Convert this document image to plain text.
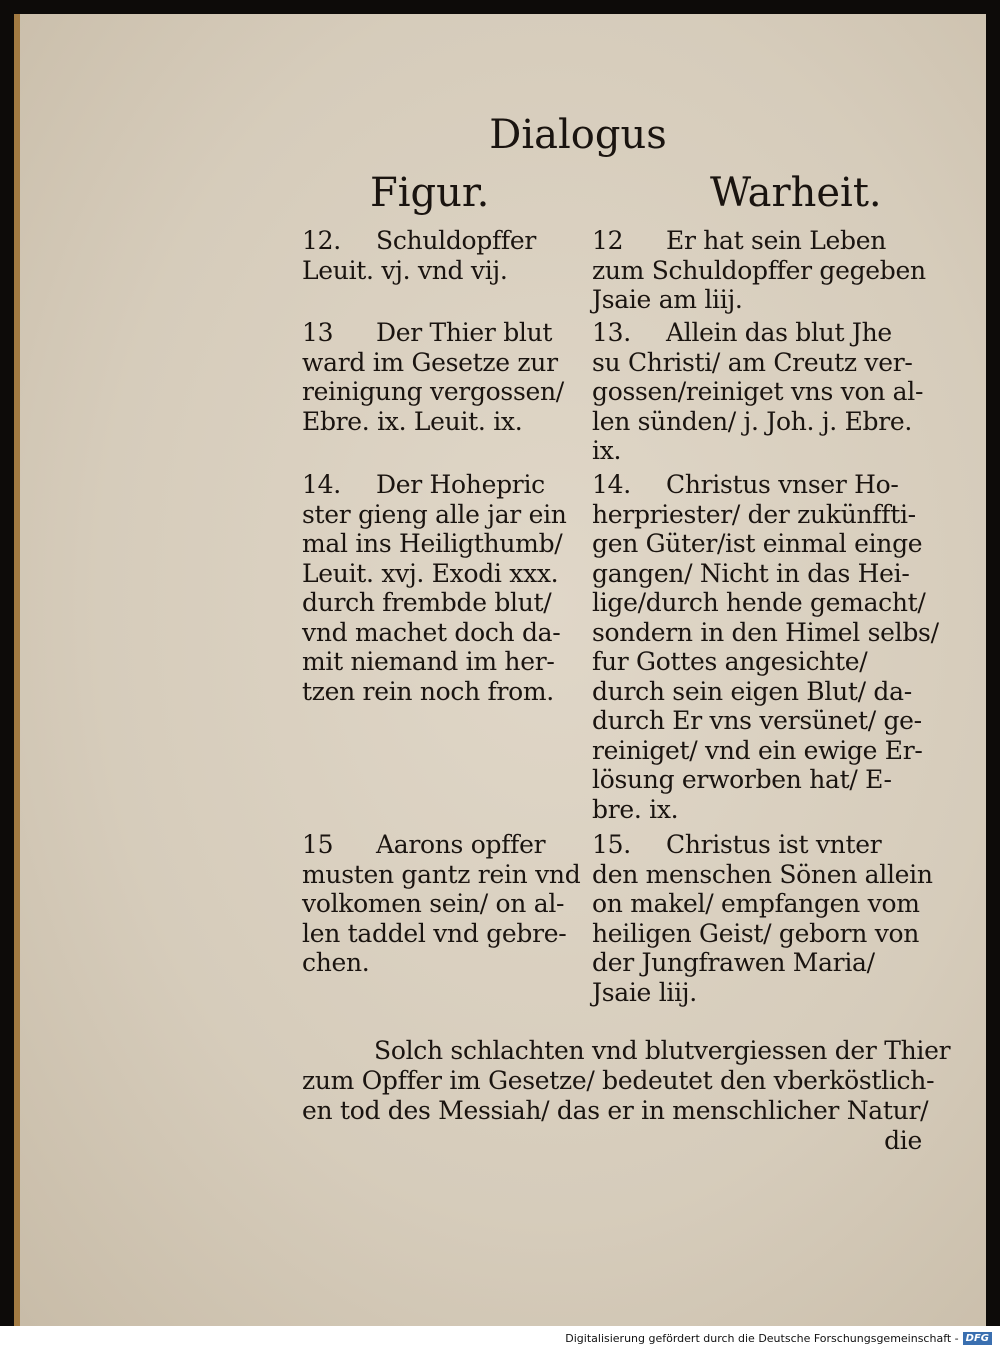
Dialogus
Figur.	Warheit.
12. Schuldopffer
Leuit. vj. vnd vij.
13 Der Thier blut
ward im Gesetze zur
reinigung vergossen/
Ebre. ix. Leuit. ix.
14. Der Hohepric
ster gieng alle jar ein
mal ins Heiligthumb/
Leuit. xvj. Exodi xxx.
durch frembde blut/
vnd machet doch da-
mit niemand im her-
tzen rein noch from.
15 Aarons opffer
musten gantz rein vnd
volkomen sein/ on al-
len taddel vnd gebre-
chen.
12 Er hat sein Leben
zum Schuldopffer gegeben
Jsaie am liij.
13. Allein das blut Jhe
su Christi/ am Creutz ver-
gossen/reiniget vns von al-
len sünden/ j. Joh. j. Ebre.
ix.
14. Christus vnser Ho-
herpriester/ der zukünffti-
gen Güter/ist einmal einge
gangen/ Nicht in das Hei-
lige/durch hende gemacht/
sondern in den Himel selbs/
fur Gottes angesichte/
durch sein eigen Blut/ da-
durch Er vns versünet/ ge-
reiniget/ vnd ein ewige Er-
lösung erworben hat/ E-
bre. ix.
15. Christus ist vnter
den menschen Sönen allein
on makel/ empfangen vom
heiligen Geist/ geborn von
der Jungfrawen Maria/
Jsaie liij.
Solch schlachten vnd blutvergiessen der Thier
zum Opffer im Gesetze/ bedeutet den vberköstlich-
en tod des Messiah/ das er in menschlicher Natur/
die
Digitalisierung gefördert durch die Deutsche Forschungsgemeinschaft - DFG
